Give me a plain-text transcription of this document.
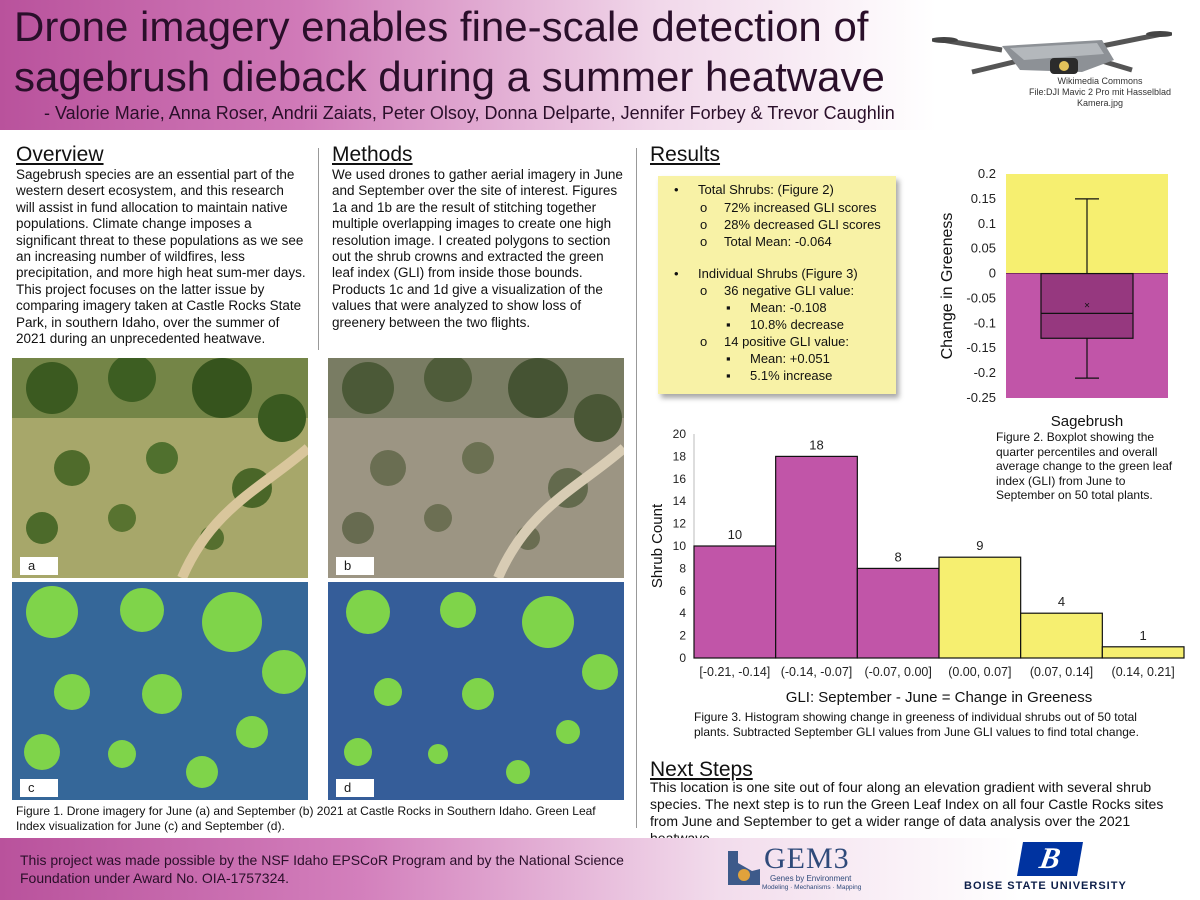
Drone imagery enables fine-scale detection of
sagebrush dieback during a summer heatwave
- Valorie Marie, Anna Roser, Andrii Zaiats, Peter Olsoy, Donna Delparte, Jennifer Forbey & Trevor Caughlin
Wikimedia Commons
File:DJI Mavic 2 Pro mit Hasselblad Kamera.jpg
Overview
Sagebrush species are an essential part of the western desert ecosystem, and this research will assist in fund allocation to maintain native populations. Climate change imposes a significant threat to these populations as we see an increasing number of wildfires, less precipitation, and more high heat sum-mer days. This project focuses on the latter issue by comparing imagery taken at Castle Rocks State Park, in southern Idaho, over the summer of 2021 during an unprecedented heatwave.
Methods
We used drones to gather aerial imagery in June and September over the site of interest. Figures 1a and 1b are the result of stitching together multiple overlapping images to create one high resolution image. I created polygons to section out the shrub crowns and extracted the green leaf index (GLI) from inside those bounds. Products 1c and 1d give a visualization of the values that were analyzed to show loss of greenery between the two flights.
a	b
c	d
Figure 1. Drone imagery for June (a) and September (b) 2021 at Castle Rocks in Southern Idaho. Green Leaf Index visualization for June (c) and September (d).
Results
• Total Shrubs: (Figure 2)
o 72% increased GLI scores
o 28% decreased GLI scores
o Total Mean: -0.064
• Individual Shrubs (Figure 3)
o 36 negative GLI value:
▪ Mean: -0.108
▪ 10.8% decrease
o 14 positive GLI value:
▪ Mean: +0.051
▪ 5.1% increase
0.2
0.15
0.1
0.05
0
-0.05
-0.1
-0.15
-0.2
-0.25
×
Sagebrush
Change in Greeness
Figure 2. Boxplot showing the quarter percentiles and overall average change to the green leaf index (GLI) from June to September on 50 total plants.
0
2
4
6
8
10
12
14
16
18
20
10
[-0.21, -0.14]
18
(-0.14, -0.07]
8
(-0.07, 0.00]
9
(0.00, 0.07]
4
(0.07, 0.14]
1
(0.14, 0.21]
GLI: September - June = Change in Greeness
Shrub Count
Figure 3. Histogram showing change in greeness of individual shrubs out of 50 total plants. Subtracted September GLI values from June GLI values to find total change.
Next Steps
This location is one site out of four along an elevation gradient with several shrub species. The next step is to run the Green Leaf Index on all four Castle Rocks sites from June and September to get a wider range of data analysis over the 2021
This project was made possible by the NSF Idaho EPSCoR Program and by the National Science Foundation under Award No. OIA-1757324.
GEM3
Genes by Environment
Modeling · Mechanisms · Mapping
B
BOISE STATE UNIVERSITY
